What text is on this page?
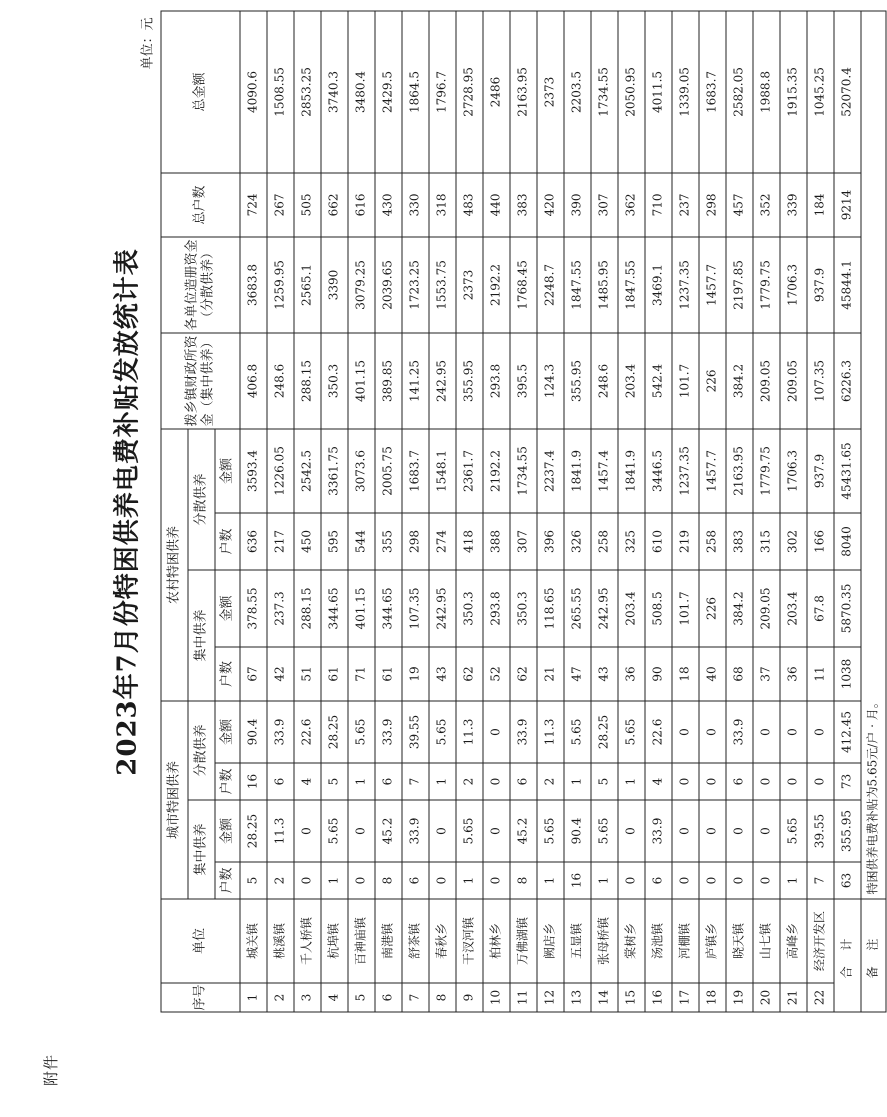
附件
2023年7月份特困供养电费补贴发放统计表
单位：元
序号	单位	城市特困供养				农村特困供养				拨乡镇财政所资金（集中供养）	各单位造册资金（分散供养）	总户数	总金额
		集中供养		分散供养		集中供养		分散供养					
		户数	金额	户数	金额	户数	金额	户数	金额				
1	城关镇	5	28.25	16	90.4	67	378.55	636	3593.4	406.8	3683.8	724	4090.6
2	桃溪镇	2	11.3	6	33.9	42	237.3	217	1226.05	248.6	1259.95	267	1508.55
3	千人桥镇	0	0	4	22.6	51	288.15	450	2542.5	288.15	2565.1	505	2853.25
4	杭埠镇	1	5.65	5	28.25	61	344.65	595	3361.75	350.3	3390	662	3740.3
5	百神庙镇	0	0	1	5.65	71	401.15	544	3073.6	401.15	3079.25	616	3480.4
6	南港镇	8	45.2	6	33.9	61	344.65	355	2005.75	389.85	2039.65	430	2429.5
7	舒茶镇	6	33.9	7	39.55	19	107.35	298	1683.7	141.25	1723.25	330	1864.5
8	春秋乡	0	0	1	5.65	43	242.95	274	1548.1	242.95	1553.75	318	1796.7
9	干汊河镇	1	5.65	2	11.3	62	350.3	418	2361.7	355.95	2373	483	2728.95
10	柏林乡	0	0	0	0	52	293.8	388	2192.2	293.8	2192.2	440	2486
11	万佛湖镇	8	45.2	6	33.9	62	350.3	307	1734.55	395.5	1768.45	383	2163.95
12	阙店乡	1	5.65	2	11.3	21	118.65	396	2237.4	124.3	2248.7	420	2373
13	五显镇	16	90.4	1	5.65	47	265.55	326	1841.9	355.95	1847.55	390	2203.5
14	张母桥镇	1	5.65	5	28.25	43	242.95	258	1457.4	248.6	1485.95	307	1734.55
15	棠树乡	0	0	1	5.65	36	203.4	325	1841.9	203.4	1847.55	362	2050.95
16	汤池镇	6	33.9	4	22.6	90	508.5	610	3446.5	542.4	3469.1	710	4011.5
17	河棚镇	0	0	0	0	18	101.7	219	1237.35	101.7	1237.35	237	1339.05
18	庐镇乡	0	0	0	0	40	226	258	1457.7	226	1457.7	298	1683.7
19	晓天镇	0	0	6	33.9	68	384.2	383	2163.95	384.2	2197.85	457	2582.05
20	山七镇	0	0	0	0	37	209.05	315	1779.75	209.05	1779.75	352	1988.8
21	高峰乡	1	5.65	0	0	36	203.4	302	1706.3	209.05	1706.3	339	1915.35
22	经济开发区	7	39.55	0	0	11	67.8	166	937.9	107.35	937.9	184	1045.25
合 计		63	355.95	73	412.45	1038	5870.35	8040	45431.65	6226.3	45844.1	9214	52070.4
备 注		特困供养电费补贴为5.65元/户 · 月。											
